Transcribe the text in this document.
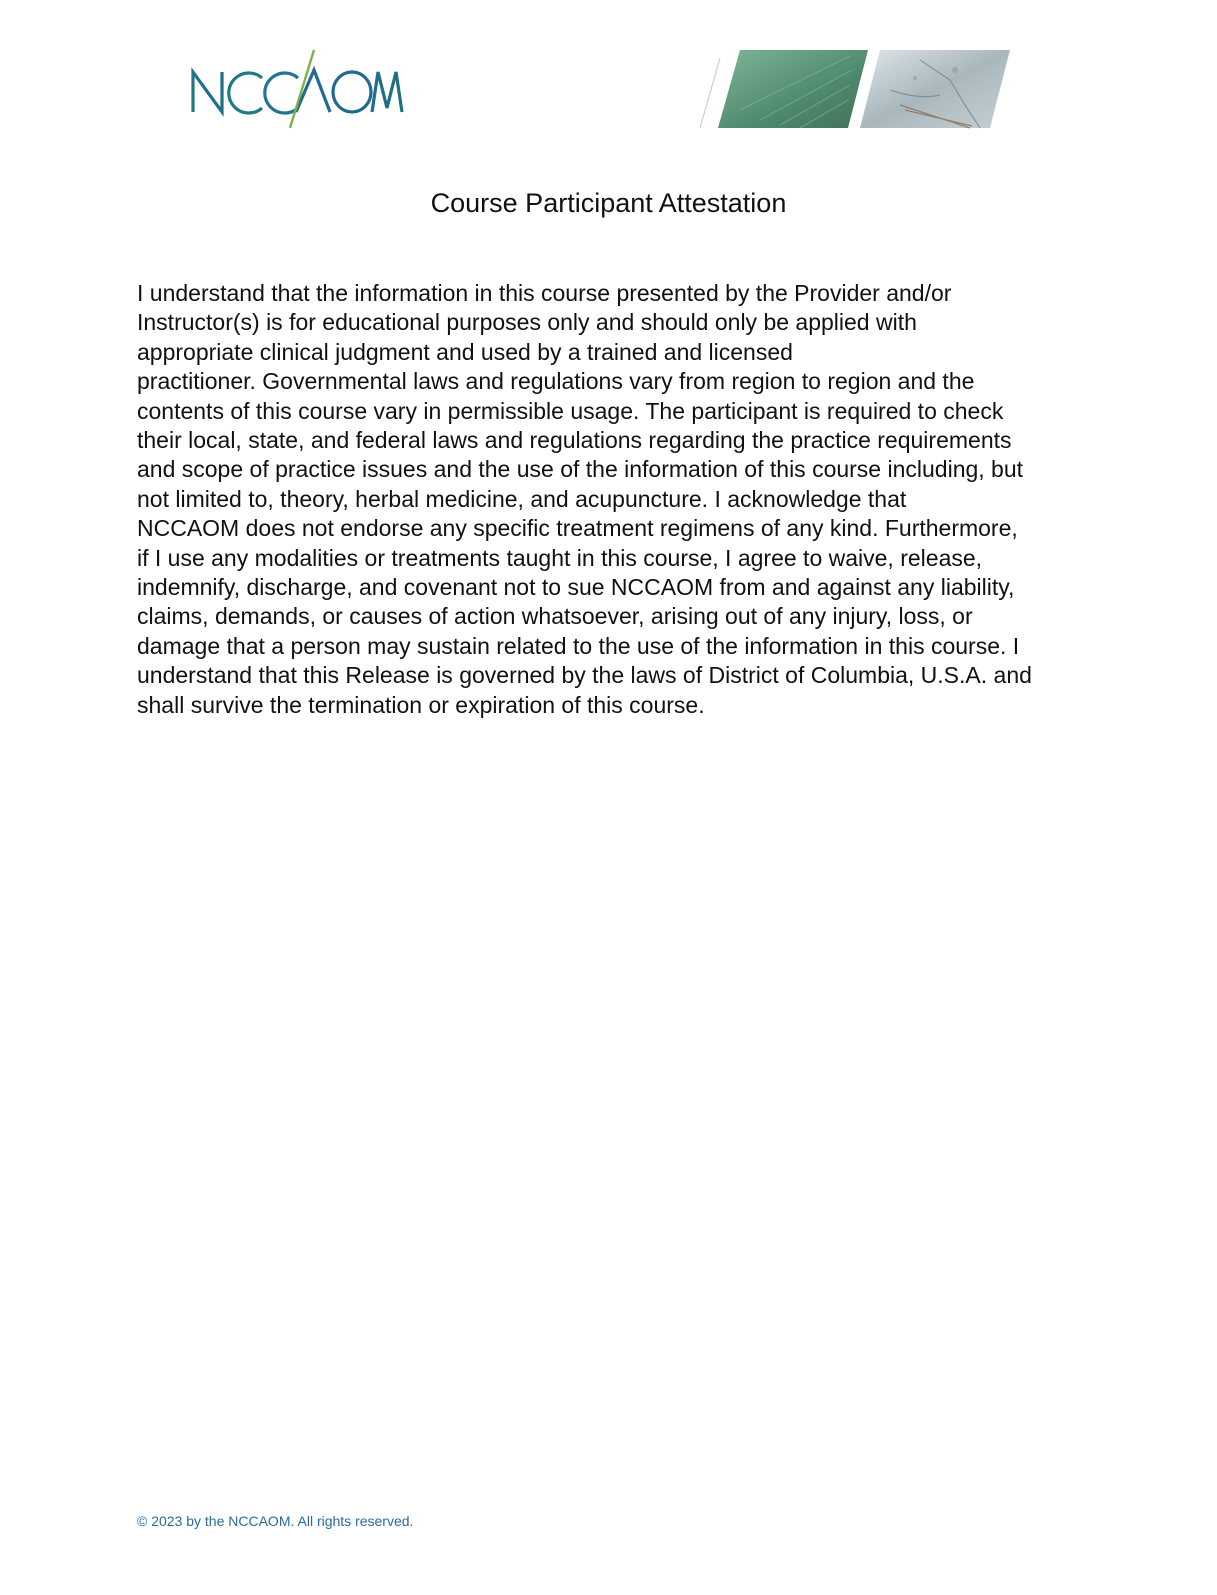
Course Participant Attestation

I understand that the information in this course presented by the Provider and/or
Instructor(s) is for educational purposes only and should only be applied with
appropriate clinical judgment and used by a trained and licensed
practitioner. Governmental laws and regulations vary from region to region and the
contents of this course vary in permissible usage. The participant is required to check
their local, state, and federal laws and regulations regarding the practice requirements
and scope of practice issues and the use of the information of this course including, but
not limited to, theory, herbal medicine, and acupuncture. I acknowledge that
NCCAOM does not endorse any specific treatment regimens of any kind. Furthermore,
if I use any modalities or treatments taught in this course, I agree to waive, release,
indemnify, discharge, and covenant not to sue NCCAOM from and against any liability,
claims, demands, or causes of action whatsoever, arising out of any injury, loss, or
damage that a person may sustain related to the use of the information in this course. I
understand that this Release is governed by the laws of District of Columbia, U.S.A. and
shall survive the termination or expiration of this course.

© 2023 by the NCCAOM. All rights reserved.
